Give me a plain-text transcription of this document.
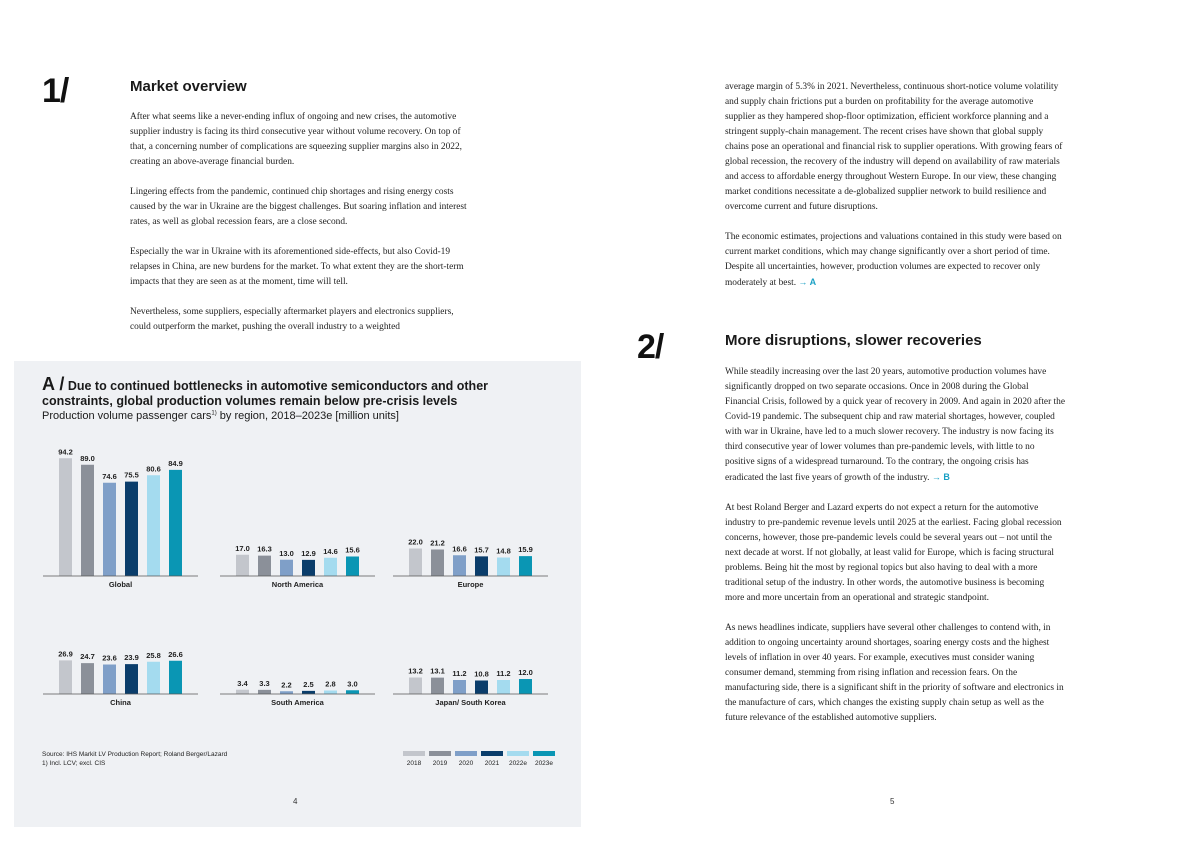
1/	Market overview

After what seems like a never-ending influx of ongoing and new crises, the automotive supplier industry is facing its third consecutive year without volume recovery. On top of that, a concerning number of complications are squeezing supplier margins also in 2022, creating an above-average financial burden.

Lingering effects from the pandemic, continued chip shortages and rising energy costs caused by the war in Ukraine are the biggest challenges. But soaring inflation and interest rates, as well as global recession fears, are a close second.

Especially the war in Ukraine with its aforementioned side-effects, but also Covid-19 relapses in China, are new burdens for the market. To what extent they are the short-term impacts that they are seen as at the moment, time will tell.

Nevertheless, some suppliers, especially aftermarket players and electronics suppliers, could outperform the market, pushing the overall industry to a weighted

A / Due to continued bottlenecks in automotive semiconductors and other constraints, global production volumes remain below pre-crisis levels
Production volume passenger cars$^{1)}$ by region, 2018–2023e [million units]
94.2
89.0
74.6 75.5
80.6
84.9
Global
17.0 16.3 13.0 12.9 14.6 15.6
North America
22.0 21.2
16.6 15.7 14.8 15.9
Europe
26.9 24.7 23.6 23.9 25.8 26.6
China
3.4 3.3 2.2 2.5 2.8 3.0
South America
13.2 13.1 11.2 10.8 11.2 12.0
Japan/ South Korea
Source: IHS Markit LV Production Report; Roland Berger/Lazard
1) Incl. LCV; excl. CIS	2018	2019	2020	2021	2022e	2023e
4

average margin of 5.3% in 2021. Nevertheless, continuous short-notice volume volatility and supply chain frictions put a burden on profitability for the average automotive supplier as they hampered shop-floor optimization, efficient workforce planning and a stringent supply-chain management. The recent crises have shown that global supply chains pose an operational and financial risk to supplier operations. With growing fears of global recession, the recovery of the industry will depend on availability of raw materials and access to affordable energy throughout Western Europe. In our view, these changing market conditions necessitate a de-globalized supplier network to build resilience and overcome current and future disruptions.

The economic estimates, projections and valuations contained in this study were based on current market conditions, which may change significantly over a short period of time. Despite all uncertainties, however, production volumes are expected to recover only moderately at best. → A

2/	More disruptions, slower recoveries

While steadily increasing over the last 20 years, automotive production volumes have significantly dropped on two separate occasions. Once in 2008 during the Global Financial Crisis, followed by a quick year of recovery in 2009. And again in 2020 after the Covid-19 pandemic. The subsequent chip and raw material shortages, however, coupled with war in Ukraine, have led to a much slower recovery. The industry is now facing its third consecutive year of lower volumes than pre-pandemic levels, with little to no positive signs of a widespread turnaround. To the contrary, the ongoing crisis has eradicated the last five years of growth of the industry. → B

At best Roland Berger and Lazard experts do not expect a return for the automotive industry to pre-pandemic revenue levels until 2025 at the earliest. Facing global recession concerns, however, those pre-pandemic levels could be several years out – not until the next decade at worst. If not globally, at least valid for Europe, which is facing structural problems. Being hit the most by regional topics but also having to deal with a more traditional setup of the industry. In other words, the automotive business is becoming more and more uncertain from an operational and strategic standpoint.

As news headlines indicate, suppliers have several other challenges to contend with, in addition to ongoing uncertainty around shortages, soaring energy costs and the highest levels of inflation in over 40 years. For example, executives must consider waning consumer demand, stemming from rising inflation and recession fears. On the manufacturing side, there is a significant shift in the priority of software and electronics in the manufacture of cars, which changes the existing supply chain setup as well as the future relevance of the established automotive suppliers.

5
